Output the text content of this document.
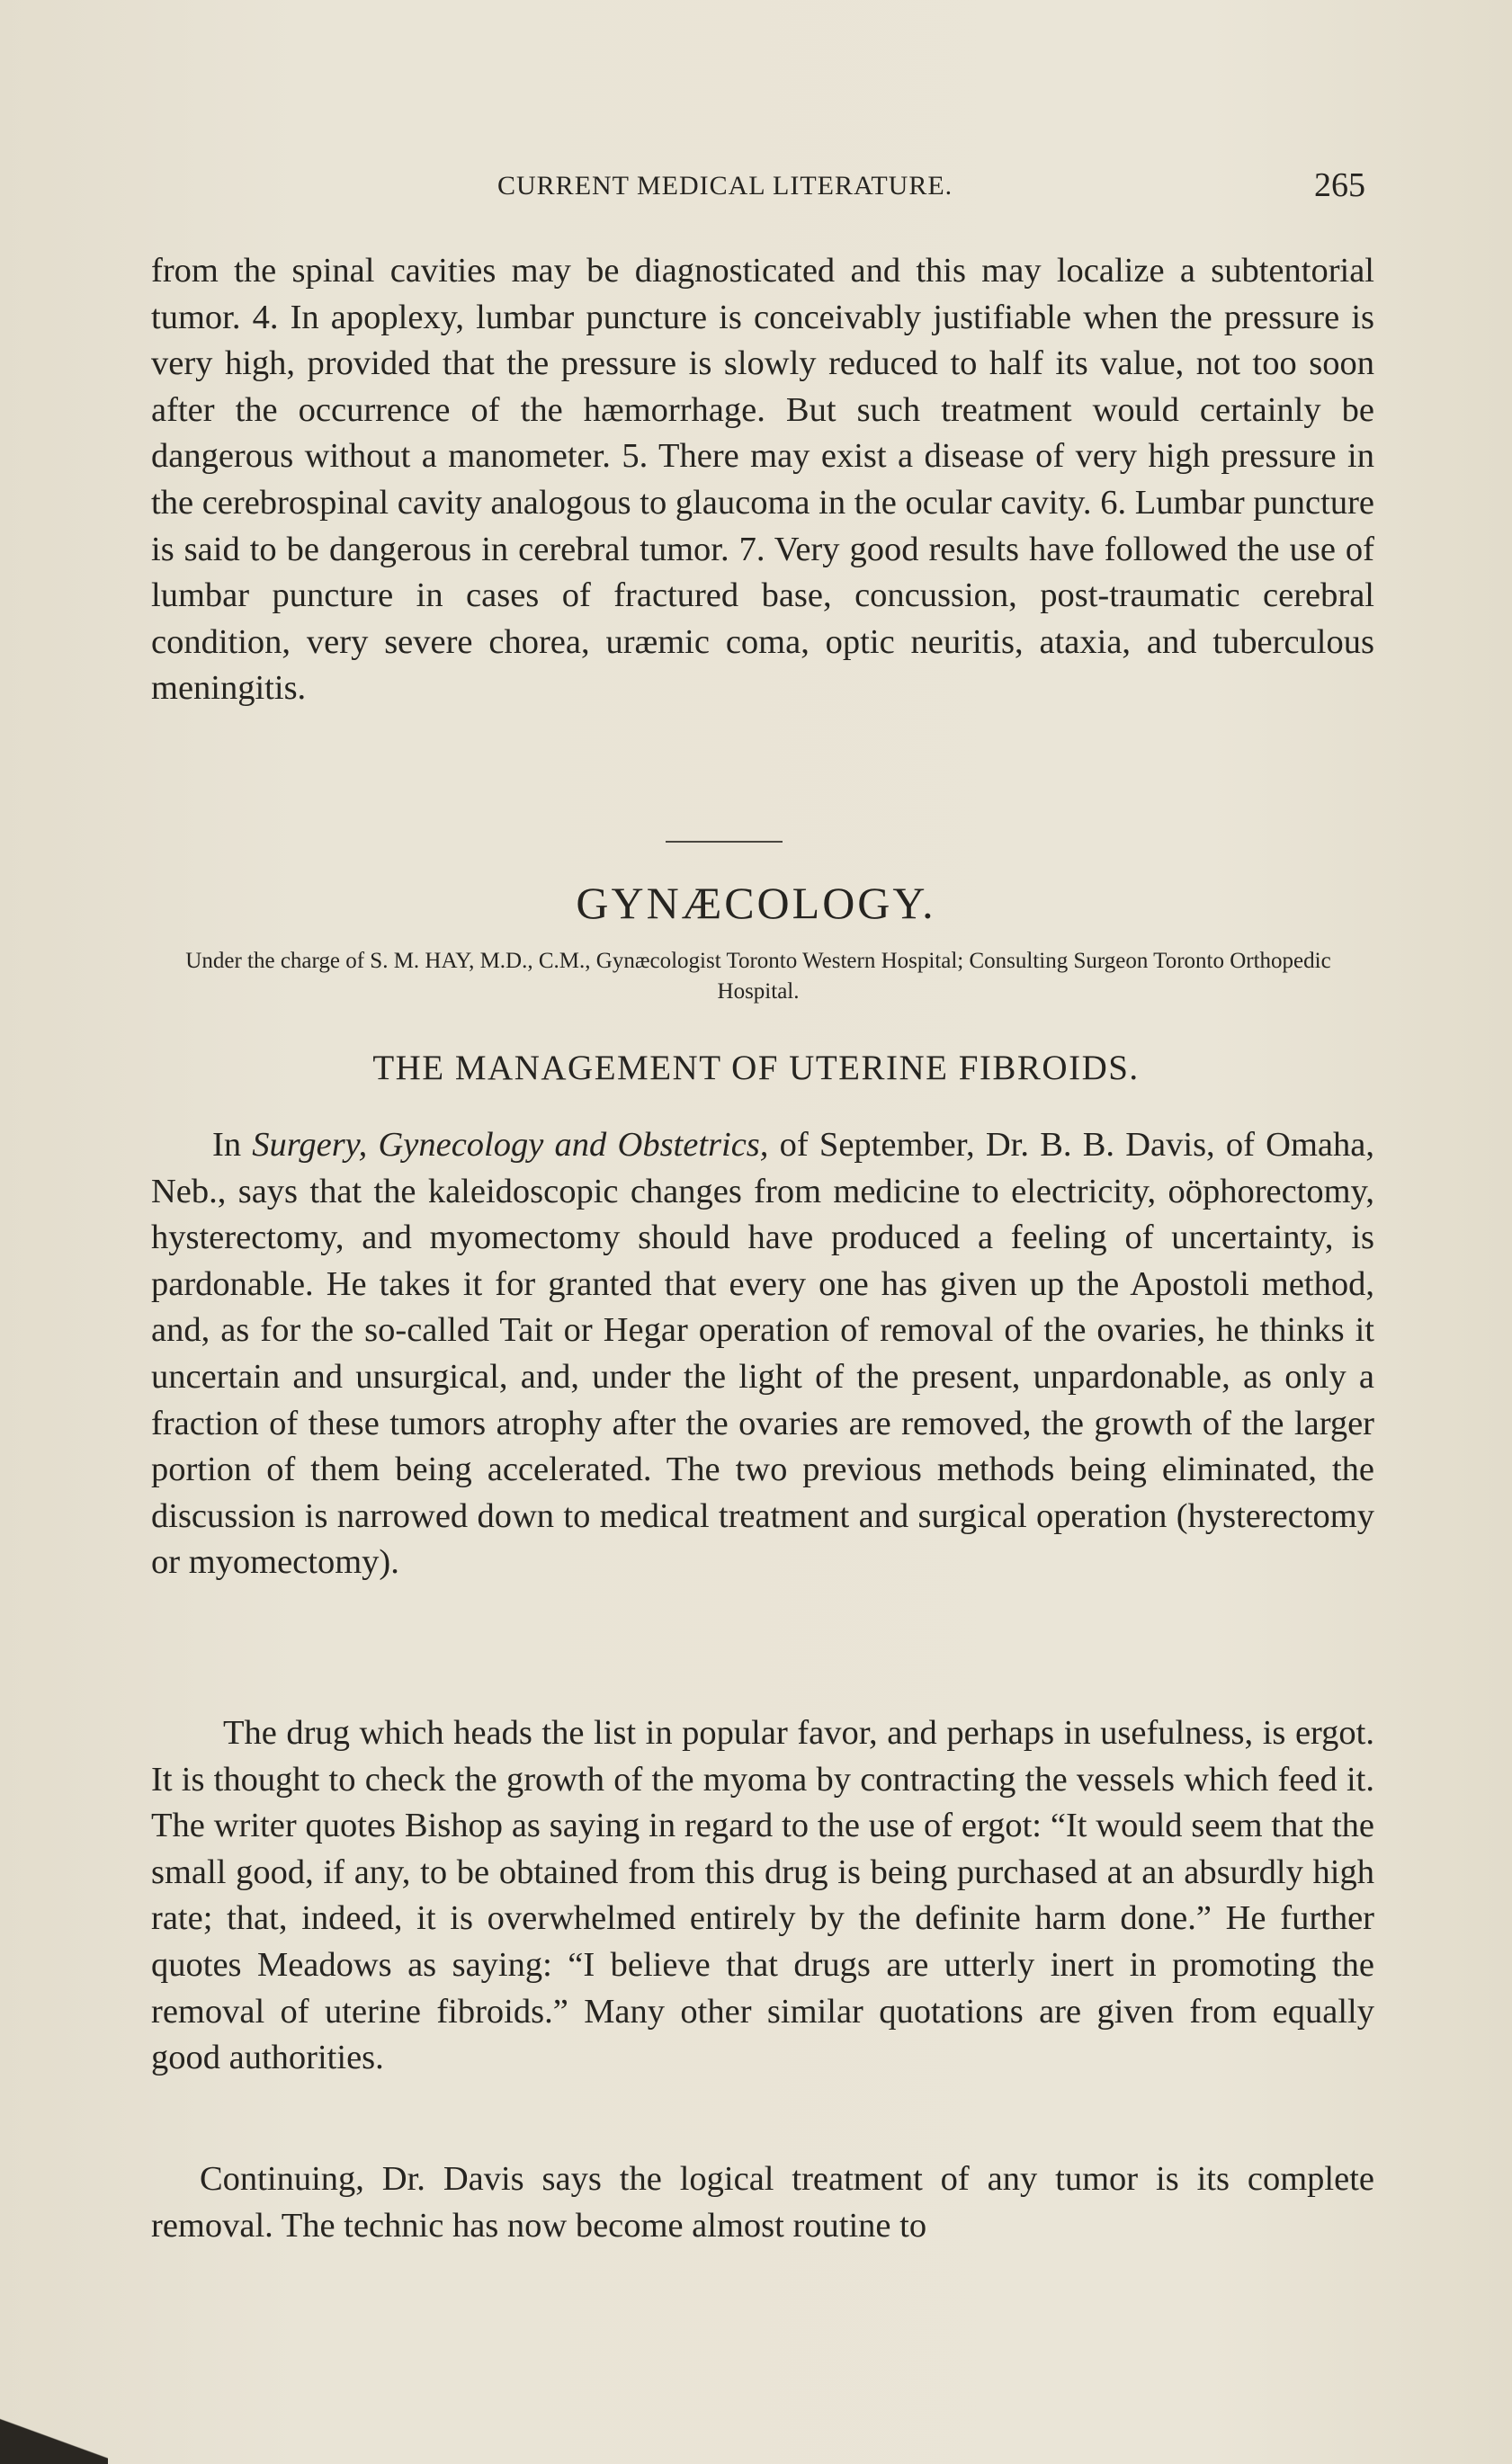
CURRENT MEDICAL LITERATURE.	265

from the spinal cavities may be diagnosticated and this may localize a subtentorial tumor. 4. In apoplexy, lumbar puncture is conceivably justifiable when the pressure is very high, provided that the pressure is slowly reduced to half its value, not too soon after the occurrence of the hæmorrhage. But such treatment would certainly be dangerous without a manometer. 5. There may exist a disease of very high pressure in the cerebrospinal cavity analogous to glaucoma in the ocular cavity. 6. Lumbar puncture is said to be dangerous in cerebral tumor. 7. Very good results have followed the use of lumbar puncture in cases of fractured base, concussion, post-traumatic cerebral condition, very severe chorea, uræmic coma, optic neuritis, ataxia, and tuberculous meningitis.

GYNÆCOLOGY.

Under the charge of S. M. HAY, M.D., C.M., Gynæcologist Toronto Western Hospital; Consulting Surgeon Toronto Orthopedic Hospital.

THE MANAGEMENT OF UTERINE FIBROIDS.

In Surgery, Gynecology and Obstetrics, of September, Dr. B. B. Davis, of Omaha, Neb., says that the kaleidoscopic changes from medicine to electricity, oöphorectomy, hysterectomy, and myomectomy should have produced a feeling of uncertainty, is pardonable. He takes it for granted that every one has given up the Apostoli method, and, as for the so-called Tait or Hegar operation of removal of the ovaries, he thinks it uncertain and unsurgical, and, under the light of the present, unpardonable, as only a fraction of these tumors atrophy after the ovaries are removed, the growth of the larger portion of them being accelerated. The two previous methods being eliminated, the discussion is narrowed down to medical treatment and surgical operation (hysterectomy or myomectomy).

The drug which heads the list in popular favor, and perhaps in usefulness, is ergot. It is thought to check the growth of the myoma by contracting the vessels which feed it. The writer quotes Bishop as saying in regard to the use of ergot: “It would seem that the small good, if any, to be obtained from this drug is being purchased at an absurdly high rate; that, indeed, it is overwhelmed entirely by the definite harm done.” He further quotes Meadows as saying: “I believe that drugs are utterly inert in promoting the removal of uterine fibroids.” Many other similar quotations are given from equally good authorities.

Continuing, Dr. Davis says the logical treatment of any tumor is its complete removal. The technic has now become almost routine to
